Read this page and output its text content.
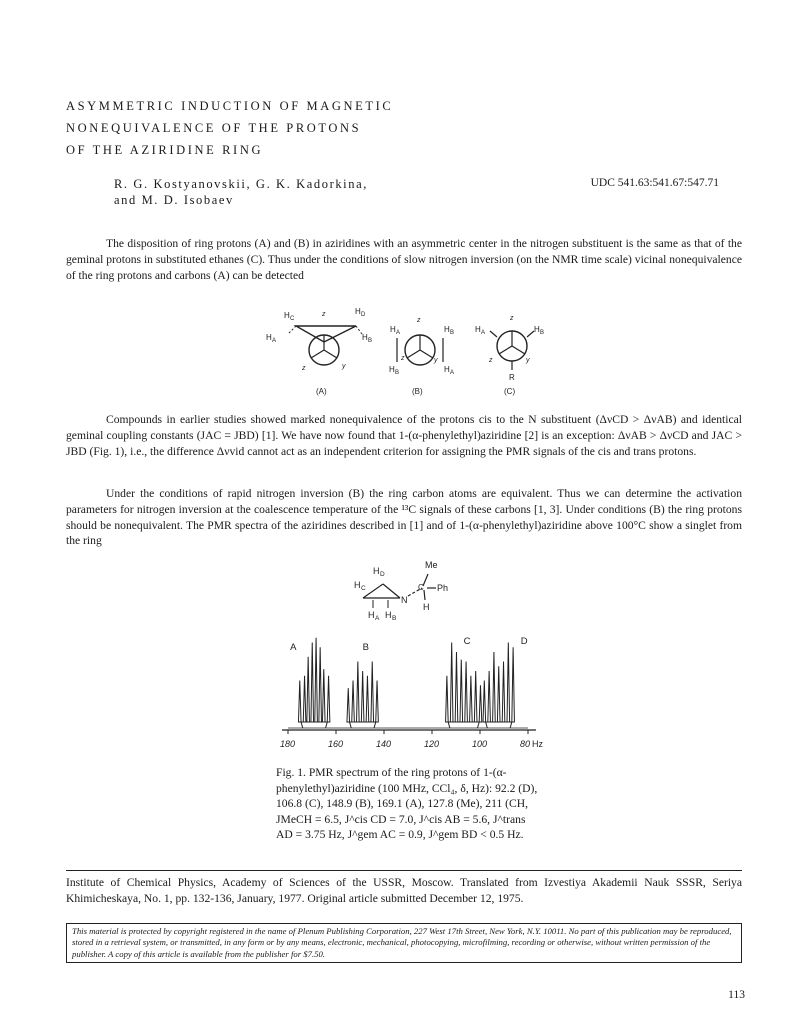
ASYMMETRIC INDUCTION OF MAGNETIC
NONEQUIVALENCE OF THE PROTONS
OF THE AZIRIDINE RING
R. G. Kostyanovskii, G. K. Kadorkina,
and M. D. Isobaev
UDC 541.63:541.67:547.71

The disposition of ring protons (A) and (B) in aziridines with an asymmetric center in the nitrogen substituent is the same as that of the geminal protons in substituted ethanes (C). Thus under the conditions of slow nitrogen inversion (on the NMR time scale) vicinal nonequivalence of the ring protons and carbons (A) can be detected

H C
H D
z
H A	H B
z	y
(A)
z
H A	H B
z	y
H B	H A
(B)
z
H A	H B
z	y
R
(C)

Compounds in earlier studies showed marked nonequivalence of the protons cis to the N substituent (ΔνCD > ΔνAB) and identical geminal coupling constants (JAC = JBD) [1]. We have now found that 1-(α-phenylethyl)aziridine [2] is an exception: ΔνAB > ΔνCD and JAC > JBD (Fig. 1), i.e., the difference Δνvid cannot act as an independent criterion for assigning the PMR signals of the cis and trans protons.

Under the conditions of rapid nitrogen inversion (B) the ring carbon atoms are equivalent. Thus we can determine the activation parameters for nitrogen inversion at the coalescence temperature of the ¹³C signals of these carbons [1, 3]. Under conditions (B) the ring protons should be nonequivalent. The PMR spectra of the aziridines described in [1] and of 1-(α-phenylethyl)aziridine above 100°C show a singlet from the ring

Me
H D
H C
N
C Ph
H
H A H B
180	160	140	120	100	80
A	B
C	D
Hz
Fig. 1. PMR spectrum of the ring protons of 1-(α-phenylethyl)aziridine (100 MHz, CCl₄, δ, Hz): 92.2 (D), 106.8 (C), 148.9 (B), 169.1 (A), 127.8 (Me), 211 (CH, JMeCH = 6.5, J^cis CD = 7.0, J^cis AB = 5.6, J^trans AD = 3.75 Hz, J^gem AC = 0.9, J^gem BD < 0.5 Hz.
Institute of Chemical Physics, Academy of Sciences of the USSR, Moscow. Translated from Izvestiya Akademii Nauk SSSR, Seriya Khimicheskaya, No. 1, pp. 132-136, January, 1977. Original article submitted December 12, 1975.
This material is protected by copyright registered in the name of Plenum Publishing Corporation, 227 West 17th Street, New York, N.Y. 10011. No part of this publication may be reproduced, stored in a retrieval system, or transmitted, in any form or by any means, electronic, mechanical, photocopying, microfilming, recording or otherwise, without written permission of the publisher. A copy of this article is available from the publisher for $7.50.
113
